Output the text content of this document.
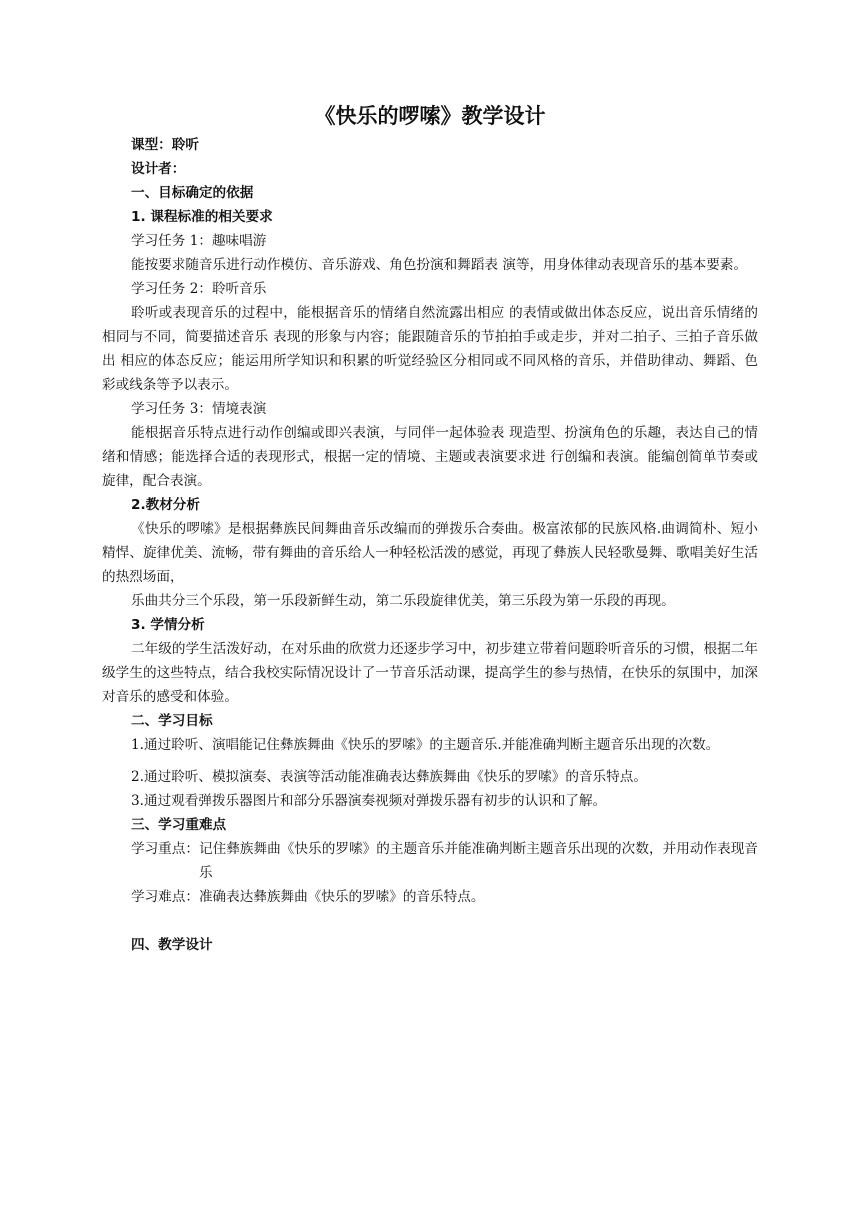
《快乐的啰嗦》教学设计

课型：聆听

设计者：

一、目标确定的依据

1. 课程标准的相关要求

学习任务 1：趣味唱游

能按要求随音乐进行动作模仿、音乐游戏、角色扮演和舞蹈表 演等，用身体律动表现音乐的基本要素。

学习任务 2：聆听音乐

聆听或表现音乐的过程中，能根据音乐的情绪自然流露出相应 的表情或做出体态反应，说出音乐情绪的相同与不同，简要描述音乐 表现的形象与内容；能跟随音乐的节拍拍手或走步，并对二拍子、三拍子音乐做出 相应的体态反应；能运用所学知识和积累的听觉经验区分相同或不同风格的音乐，并借助律动、舞蹈、色彩或线条等予以表示。

学习任务 3：情境表演

能根据音乐特点进行动作创编或即兴表演，与同伴一起体验表 现造型、扮演角色的乐趣，表达自己的情绪和情感；能选择合适的表现形式，根据一定的情境、主题或表演要求进 行创编和表演。能编创简单节奏或旋律，配合表演。

2.教材分析

《快乐的啰嗦》是根据彝族民间舞曲音乐改编而的弹拨乐合奏曲。极富浓郁的民族风格.曲调简朴、短小精悍、旋律优美、流畅，带有舞曲的音乐给人一种轻松活泼的感觉，再现了彝族人民轻歌曼舞、歌唱美好生活的热烈场面，

乐曲共分三个乐段，第一乐段新鲜生动，第二乐段旋律优美，第三乐段为第一乐段的再现。

3. 学情分析

二年级的学生活泼好动，在对乐曲的欣赏力还逐步学习中，初步建立带着问题聆听音乐的习惯，根据二年级学生的这些特点，结合我校实际情况设计了一节音乐活动课，提高学生的参与热情，在快乐的氛围中，加深对音乐的感受和体验。

二、学习目标

1.通过聆听、演唱能记住彝族舞曲《快乐的罗嗦》的主题音乐.并能准确判断主题音乐出现的次数。

2.通过聆听、模拟演奏、表演等活动能准确表达彝族舞曲《快乐的罗嗦》的音乐特点。

3.通过观看弹拨乐器图片和部分乐器演奏视频对弹拨乐器有初步的认识和了解。

三、学习重难点

学习重点： 记住彝族舞曲《快乐的罗嗦》的主题音乐并能准确判断主题音乐出现的次数，并用动作表现音乐
学习难点： 准确表达彝族舞曲《快乐的罗嗦》的音乐特点。

四、教学设计
